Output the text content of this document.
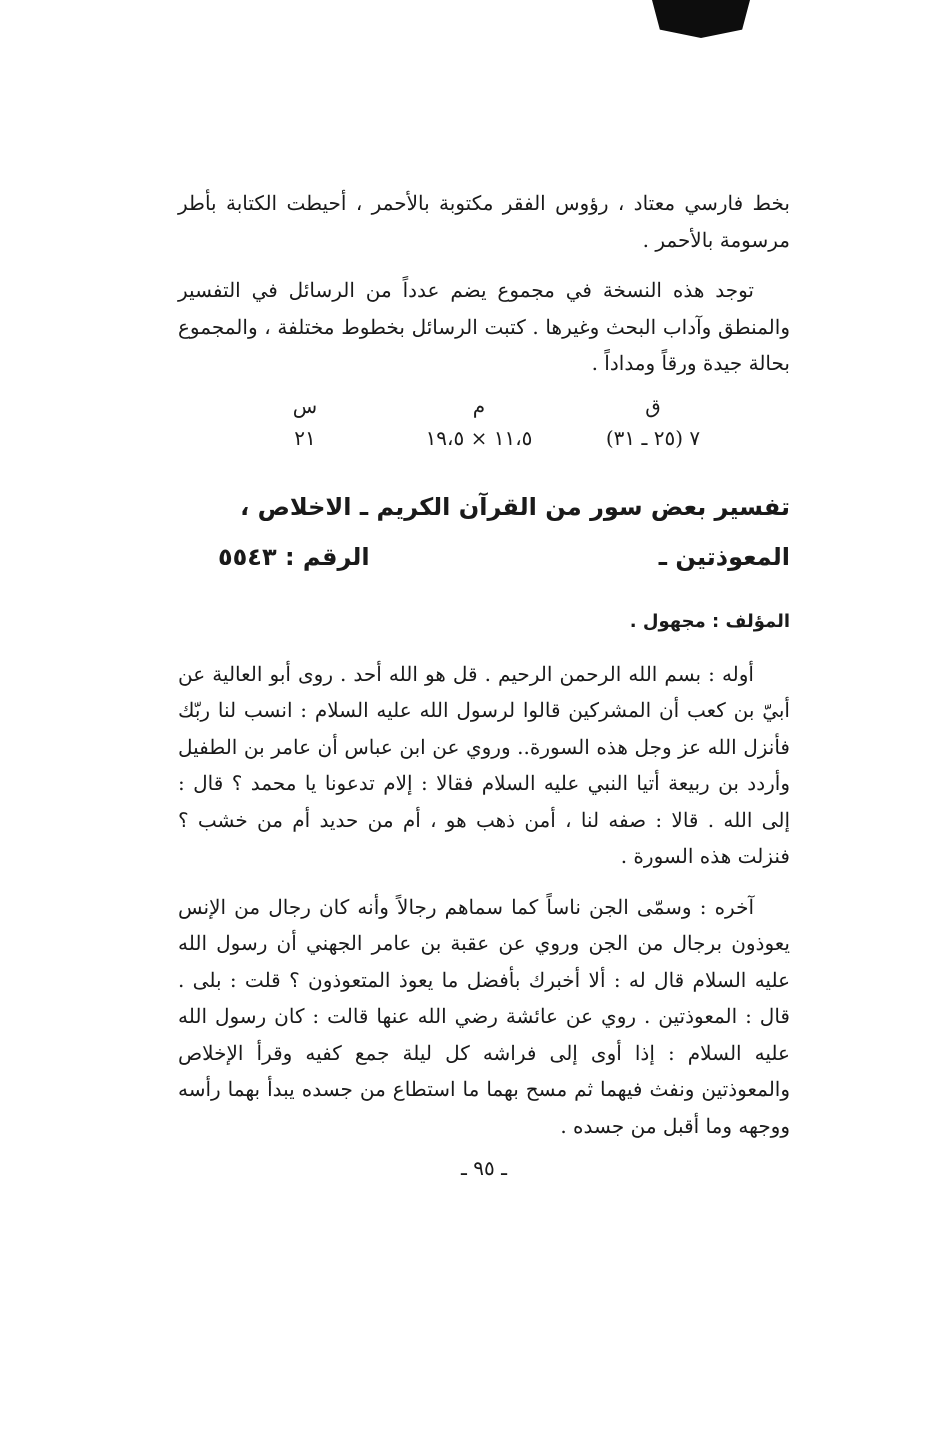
بخط فارسي معتاد ، رؤوس الفقر مكتوبة بالأحمر ، أحيطت الكتابة بأطر مرسومة بالأحمر .

توجد هذه النسخة في مجموع يضم عدداً من الرسائل في التفسير والمنطق وآداب البحث وغيرها . كتبت الرسائل بخطوط مختلفة ، والمجموع بحالة جيدة ورقاً ومداداً .

ق
م
س
٧ (٢٥ ـ ٣١)
١١،٥ × ١٩،٥
٢١
تفسير بعض سور من القرآن الكريم ـ الاخلاص ،
المعوذتين ـ
الرقم : ٥٥٤٣
المؤلف : مجهول .

أوله : بسم الله الرحمن الرحيم . قل هو الله أحد . روى أبو العالية عن أبيّ بن كعب أن المشركين قالوا لرسول الله عليه السلام : انسب لنا ربّك فأنزل الله عز وجل هذه السورة.. وروي عن ابن عباس أن عامر بن الطفيل وأردد بن ربيعة أتيا النبي عليه السلام فقالا : إلام تدعونا يا محمد ؟ قال : إلى الله . قالا : صفه لنا ، أمن ذهب هو ، أم من حديد أم من خشب ؟ فنزلت هذه السورة .

آخره : وسمّى الجن ناساً كما سماهم رجالاً وأنه كان رجال من الإنس يعوذون برجال من الجن وروي عن عقبة بن عامر الجهني أن رسول الله عليه السلام قال له : ألا أخبرك بأفضل ما يعوذ المتعوذون ؟ قلت : بلى . قال : المعوذتين . روي عن عائشة رضي الله عنها قالت : كان رسول الله عليه السلام : إذا أوى إلى فراشه كل ليلة جمع كفيه وقرأ الإخلاص والمعوذتين ونفث فيهما ثم مسح بهما ما استطاع من جسده يبدأ بهما رأسه ووجهه وما أقبل من جسده .

ـ ٩٥ ـ
